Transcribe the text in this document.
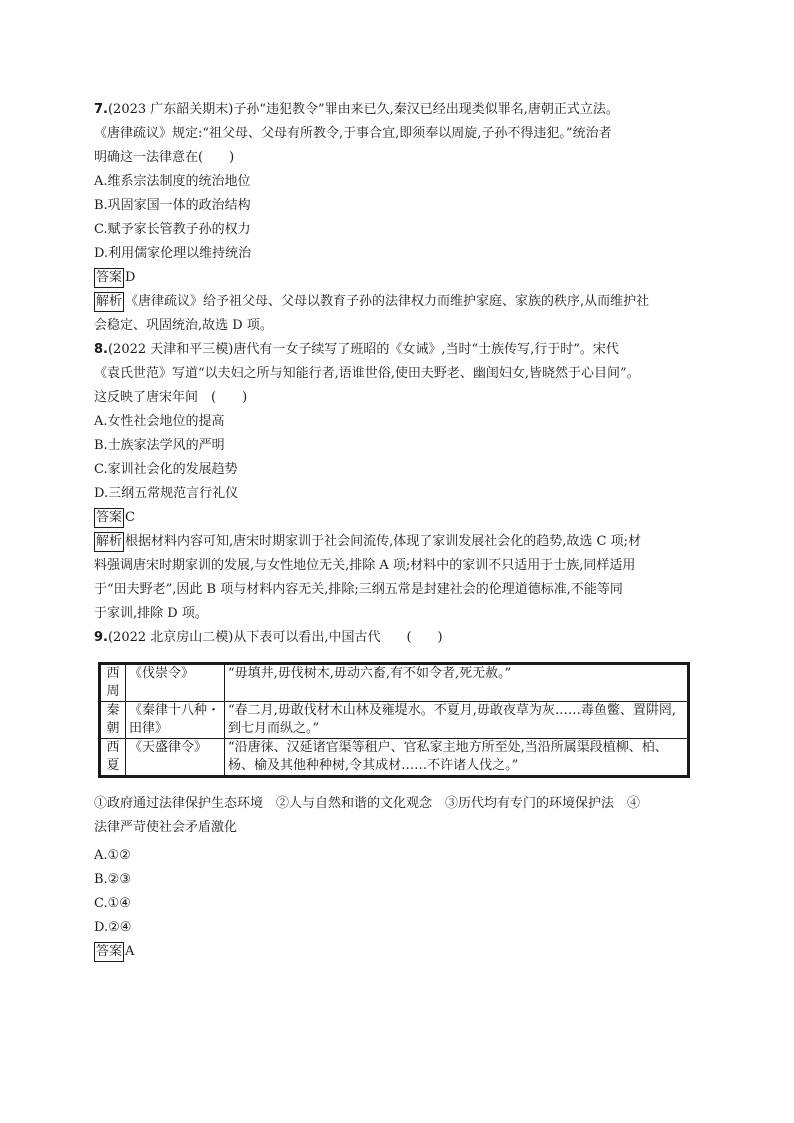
7.(2023 广东韶关期末)子孙“违犯教令”罪由来已久,秦汉已经出现类似罪名,唐朝正式立法。
《唐律疏议》规定:“祖父母、父母有所教令,于事合宜,即须奉以周旋,子孙不得违犯。”统治者
明确这一法律意在(　　)
A.维系宗法制度的统治地位
B.巩固家国一体的政治结构
C.赋予家长管教子孙的权力
D.利用儒家伦理以维持统治
答案 D
解析 《唐律疏议》给予祖父母、父母以教育子孙的法律权力而维护家庭、家族的秩序,从而维护社
会稳定、巩固统治,故选 D 项。
8.(2022 天津和平三模)唐代有一女子续写了班昭的《女诫》,当时“士族传写,行于时”。宋代
《袁氏世范》写道“以夫妇之所与知能行者,语谁世俗,使田夫野老、幽闺妇女,皆晓然于心目间”。
这反映了唐宋年间　(　　)
A.女性社会地位的提高
B.士族家法学风的严明
C.家训社会化的发展趋势
D.三纲五常规范言行礼仪
答案 C
解析 根据材料内容可知,唐宋时期家训于社会间流传,体现了家训发展社会化的趋势,故选 C 项;材
料强调唐宋时期家训的发展,与女性地位无关,排除 A 项;材料中的家训不只适用于士族,同样适用
于“田夫野老”,因此 B 项与材料内容无关,排除;三纲五常是封建社会的伦理道德标准,不能等同
于家训,排除 D 项。
9.(2022 北京房山二模)从下表可以看出,中国古代　　(　　)
西周	《伐崇令》	“毋填井,毋伐树木,毋动六畜,有不如令者,死无赦。”
秦朝	《秦律十八种・田律》	“春二月,毋敢伐材木山林及雍堤水。不夏月,毋敢夜草为灰……毒鱼鳖、置阱罔,到七月而纵之。”
西夏	《天盛律令》	“沿唐徕、汉延诸官渠等租户、官私家主地方所至处,当沿所属渠段植柳、柏、杨、榆及其他种种树,令其成材……不许诸人伐之。”
①政府通过法律保护生态环境　②人与自然和谐的文化观念　③历代均有专门的环境保护法　④
法律严苛使社会矛盾激化
A.①②
B.②③
C.①④
D.②④
答案 A
